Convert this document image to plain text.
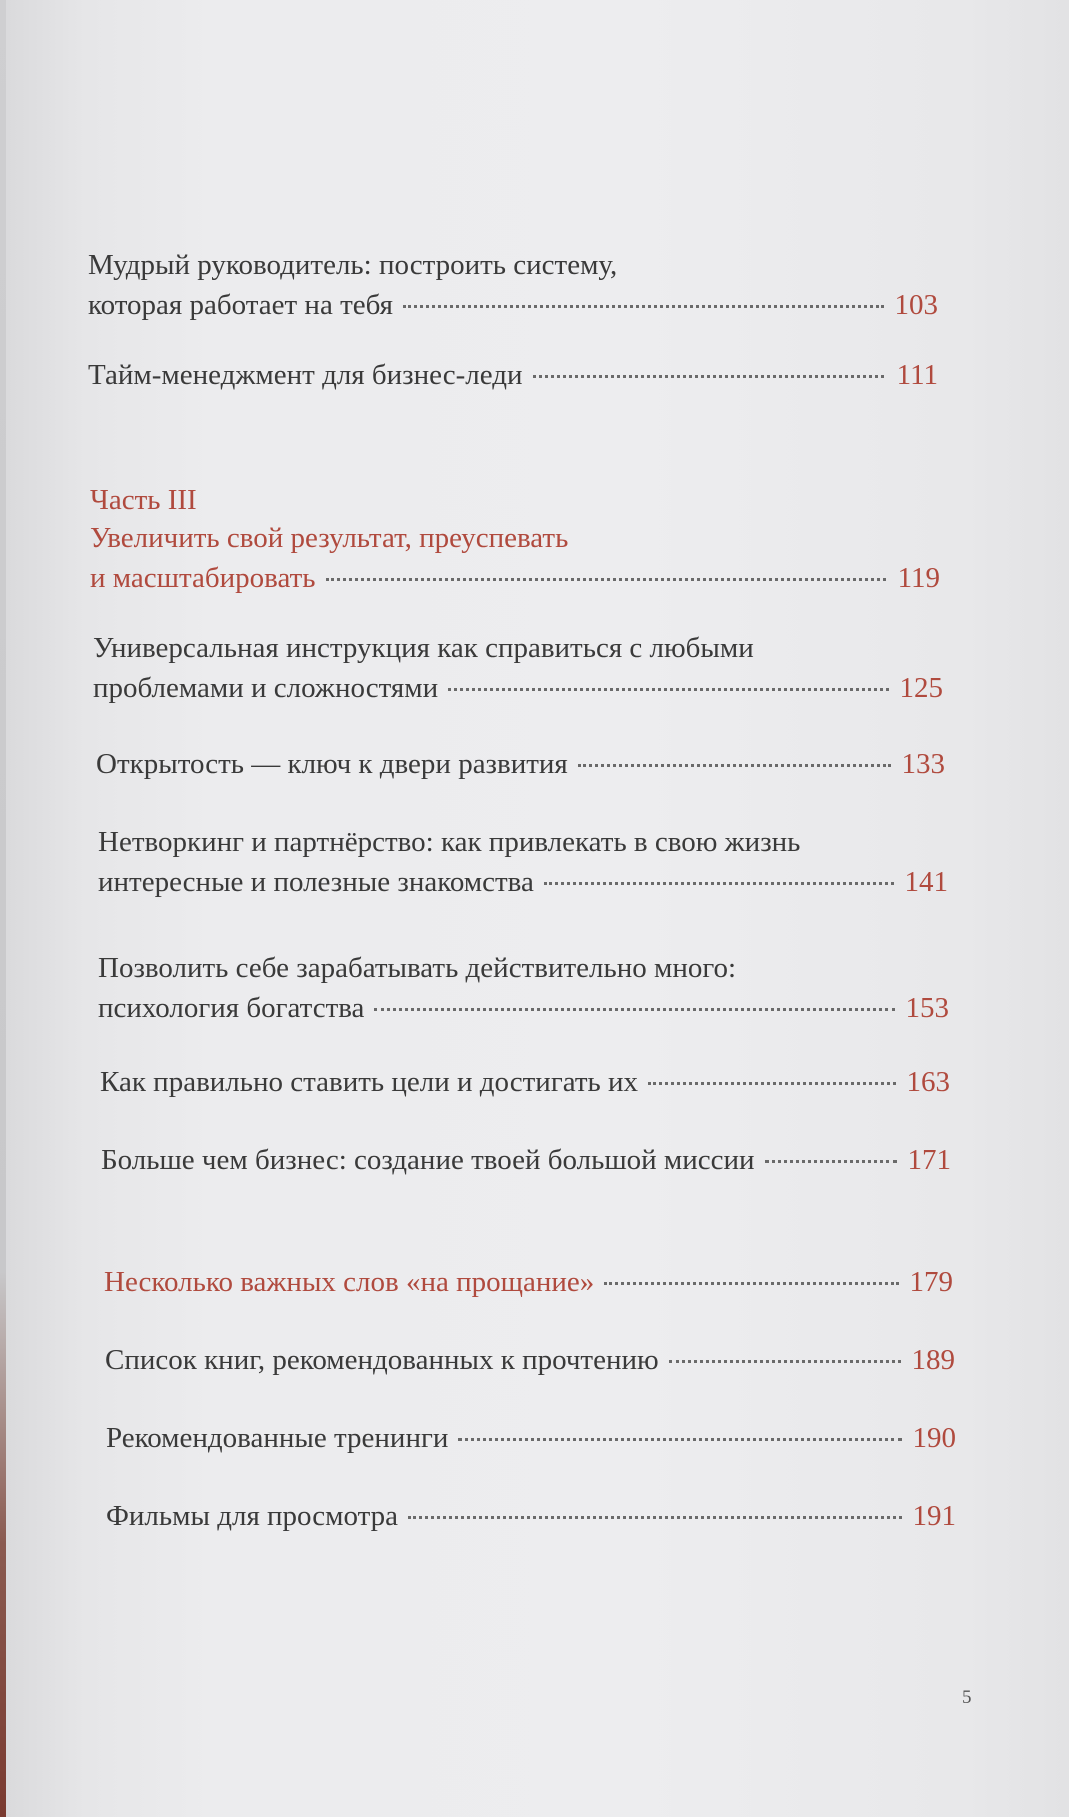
Мудрый руководитель: построить систему,
которая работает на тебя	103
Тайм-менеджмент для бизнес-леди	111
Часть III
Увеличить свой результат, преуспевать
и масштабировать	119
Универсальная инструкция как справиться с любыми
проблемами и сложностями	125
Открытость — ключ к двери развития	133
Нетворкинг и партнёрство: как привлекать в свою жизнь
интересные и полезные знакомства	141
Позволить себе зарабатывать действительно много:
психология богатства	153
Как правильно ставить цели и достигать их	163
Больше чем бизнес: создание твоей большой миссии	171
Несколько важных слов «на прощание»	179
Список книг, рекомендованных к прочтению	189
Рекомендованные тренинги	190
Фильмы для просмотра	191
5
